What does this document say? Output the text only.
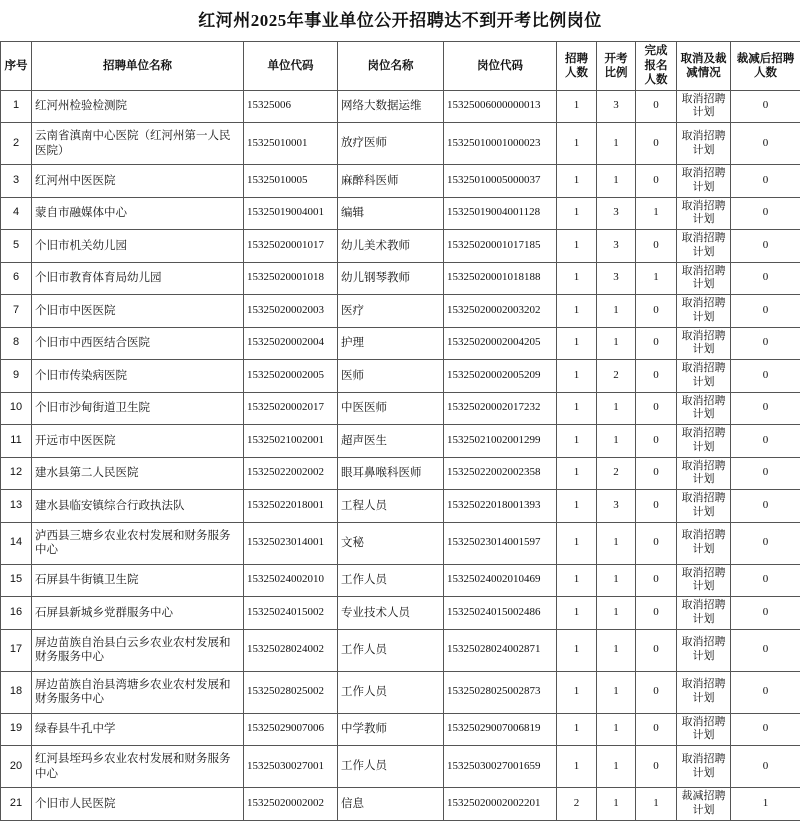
红河州2025年事业单位公开招聘达不到开考比例岗位
序号	招聘单位名称	单位代码	岗位名称	岗位代码	招聘人数	开考比例	完成报名人数	取消及裁减情况	裁减后招聘人数
1	红河州检验检测院	15325006	网络大数据运维	15325006000000013	1	3	0	取消招聘计划	0
2	云南省滇南中心医院（红河州第一人民医院）	15325010001	放疗医师	15325010001000023	1	1	0	取消招聘计划	0
3	红河州中医医院	15325010005	麻醉科医师	15325010005000037	1	1	0	取消招聘计划	0
4	蒙自市融媒体中心	15325019004001	编辑	15325019004001128	1	3	1	取消招聘计划	0
5	个旧市机关幼儿园	15325020001017	幼儿美术教师	15325020001017185	1	3	0	取消招聘计划	0
6	个旧市教育体育局幼儿园	15325020001018	幼儿钢琴教师	15325020001018188	1	3	1	取消招聘计划	0
7	个旧市中医医院	15325020002003	医疗	15325020002003202	1	1	0	取消招聘计划	0
8	个旧市中西医结合医院	15325020002004	护理	15325020002004205	1	1	0	取消招聘计划	0
9	个旧市传染病医院	15325020002005	医师	15325020002005209	1	2	0	取消招聘计划	0
10	个旧市沙甸街道卫生院	15325020002017	中医医师	15325020002017232	1	1	0	取消招聘计划	0
11	开远市中医医院	15325021002001	超声医生	15325021002001299	1	1	0	取消招聘计划	0
12	建水县第二人民医院	15325022002002	眼耳鼻喉科医师	15325022002002358	1	2	0	取消招聘计划	0
13	建水县临安镇综合行政执法队	15325022018001	工程人员	15325022018001393	1	3	0	取消招聘计划	0
14	泸西县三塘乡农业农村发展和财务服务中心	15325023014001	文秘	15325023014001597	1	1	0	取消招聘计划	0
15	石屏县牛街镇卫生院	15325024002010	工作人员	15325024002010469	1	1	0	取消招聘计划	0
16	石屏县新城乡党群服务中心	15325024015002	专业技术人员	15325024015002486	1	1	0	取消招聘计划	0
17	屏边苗族自治县白云乡农业农村发展和财务服务中心	15325028024002	工作人员	15325028024002871	1	1	0	取消招聘计划	0
18	屏边苗族自治县湾塘乡农业农村发展和财务服务中心	15325028025002	工作人员	15325028025002873	1	1	0	取消招聘计划	0
19	绿春县牛孔中学	15325029007006	中学教师	15325029007006819	1	1	0	取消招聘计划	0
20	红河县垤玛乡农业农村发展和财务服务中心	15325030027001	工作人员	15325030027001659	1	1	0	取消招聘计划	0
21	个旧市人民医院	15325020002002	信息	15325020002002201	2	1	1	裁减招聘计划	1
